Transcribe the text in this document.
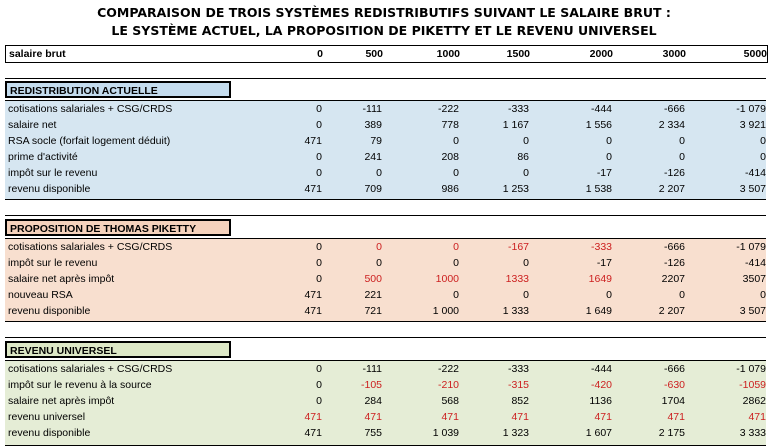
COMPARAISON DE TROIS SYSTÈMES REDISTRIBUTIFS SUIVANT LE SALAIRE BRUT :
LE SYSTÈME ACTUEL, LA PROPOSITION DE PIKETTY ET LE REVENU UNIVERSEL
salaire brut	0	500	1000	1500	2000	3000	5000
REDISTRIBUTION ACTUELLE
cotisations salariales + CSG/CRDS	0	-111	-222	-333	-444	-666	-1 079
salaire net	0	389	778	1 167	1 556	2 334	3 921
RSA socle (forfait logement déduit)	471	79	0	0	0	0	0
prime d'activité	0	241	208	86	0	0	0
impôt sur le revenu	0	0	0	0	-17	-126	-414
revenu disponible	471	709	986	1 253	1 538	2 207	3 507
PROPOSITION DE THOMAS PIKETTY
cotisations salariales + CSG/CRDS	0	0	0	-167	-333	-666	-1 079
impôt sur le revenu	0	0	0	0	-17	-126	-414
salaire net après impôt	0	500	1000	1333	1649	2207	3507
nouveau RSA	471	221	0	0	0	0	0
revenu disponible	471	721	1 000	1 333	1 649	2 207	3 507
REVENU UNIVERSEL
cotisations salariales + CSG/CRDS	0	-111	-222	-333	-444	-666	-1 079
impôt sur le revenu à la source	0	-105	-210	-315	-420	-630	-1059
salaire net après impôt	0	284	568	852	1136	1704	2862
revenu universel	471	471	471	471	471	471	471
revenu disponible	471	755	1 039	1 323	1 607	2 175	3 333
